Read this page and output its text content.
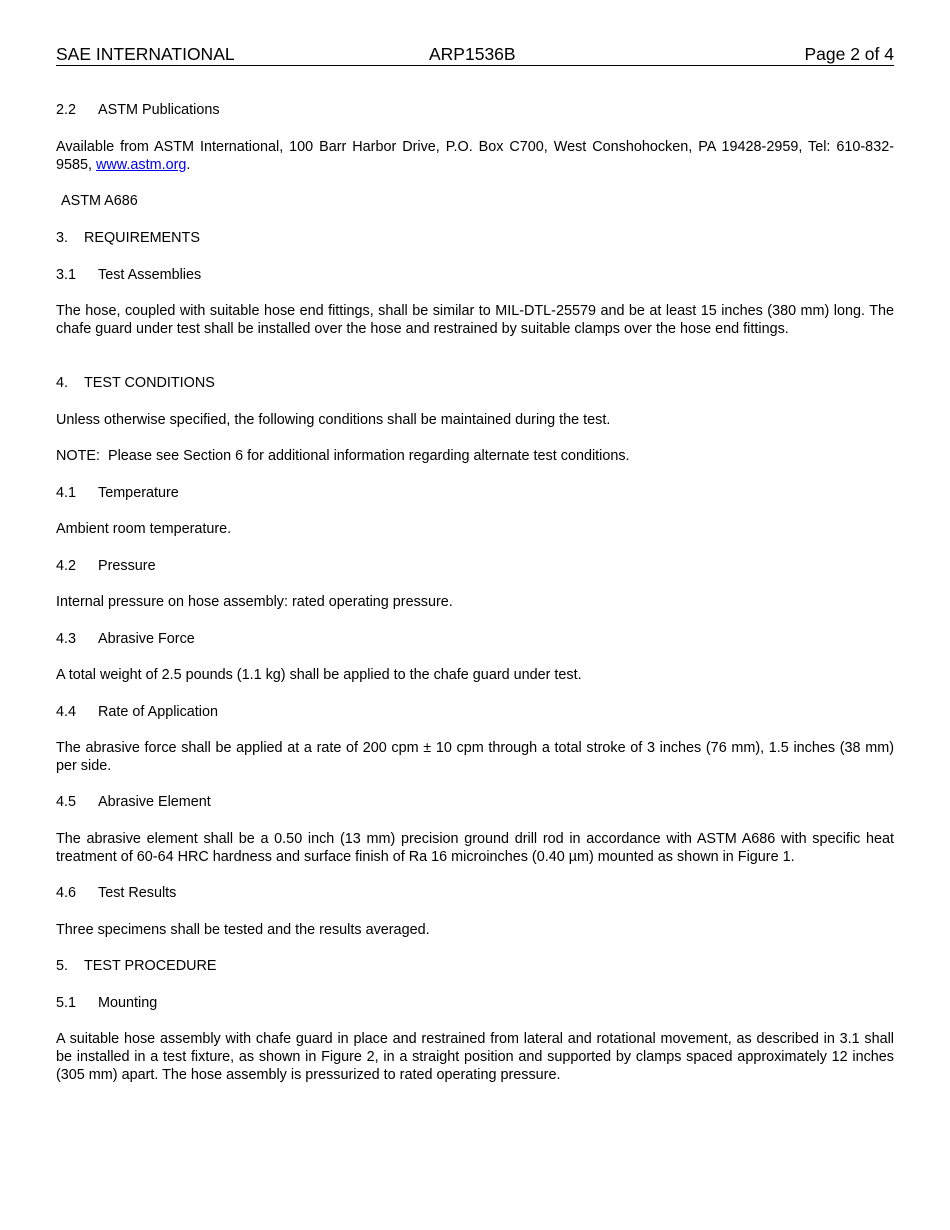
SAE INTERNATIONAL	ARP1536B	Page 2 of 4

2.2 ASTM Publications

Available from ASTM International, 100 Barr Harbor Drive, P.O. Box C700, West Conshohocken, PA 19428-2959, Tel: 610-832-9585, www.astm.org.

ASTM A686

3. REQUIREMENTS

3.1 Test Assemblies

The hose, coupled with suitable hose end fittings, shall be similar to MIL-DTL-25579 and be at least 15 inches (380 mm) long. The chafe guard under test shall be installed over the hose and restrained by suitable clamps over the hose end fittings.

4. TEST CONDITIONS

Unless otherwise specified, the following conditions shall be maintained during the test.

NOTE:  Please see Section 6 for additional information regarding alternate test conditions.

4.1 Temperature

Ambient room temperature.

4.2 Pressure

Internal pressure on hose assembly: rated operating pressure.

4.3 Abrasive Force

A total weight of 2.5 pounds (1.1 kg) shall be applied to the chafe guard under test.

4.4 Rate of Application

The abrasive force shall be applied at a rate of 200 cpm ± 10 cpm through a total stroke of 3 inches (76 mm), 1.5 inches (38 mm) per side.

4.5 Abrasive Element

The abrasive element shall be a 0.50 inch (13 mm) precision ground drill rod in accordance with ASTM A686 with specific heat treatment of 60-64 HRC hardness and surface finish of Ra 16 microinches (0.40 µm) mounted as shown in Figure 1.

4.6 Test Results

Three specimens shall be tested and the results averaged.

5. TEST PROCEDURE

5.1 Mounting

A suitable hose assembly with chafe guard in place and restrained from lateral and rotational movement, as described in 3.1 shall be installed in a test fixture, as shown in Figure 2, in a straight position and supported by clamps spaced approximately 12 inches (305 mm) apart. The hose assembly is pressurized to rated operating pressure.
